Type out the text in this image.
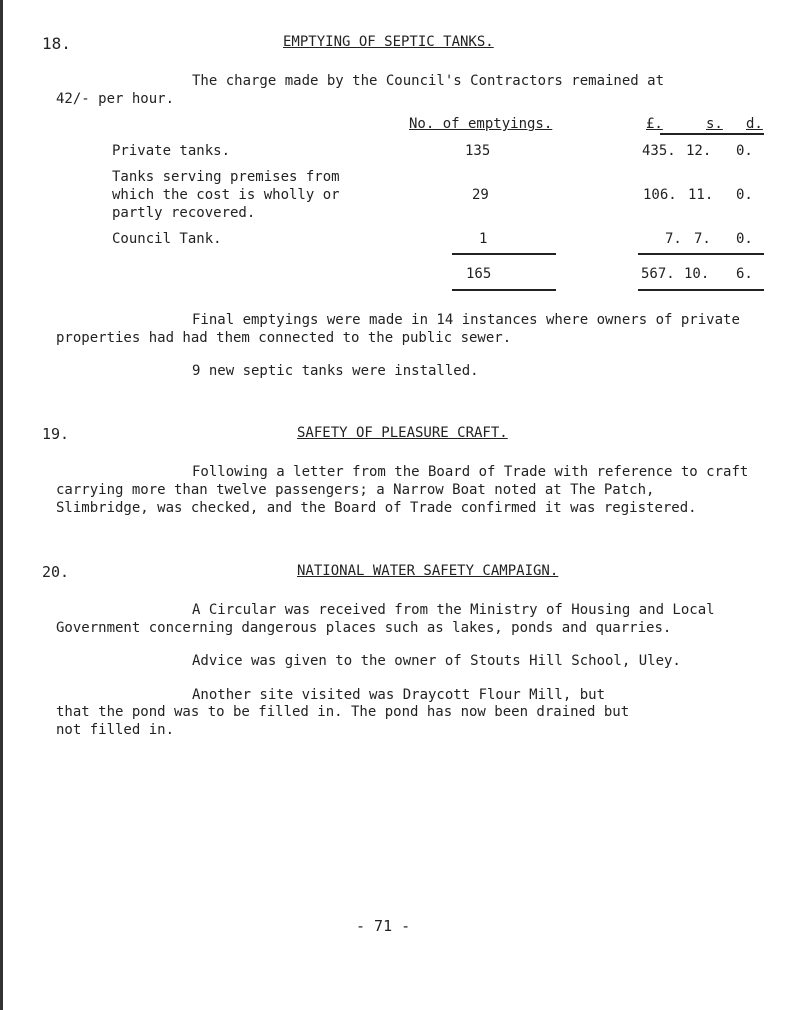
18.	EMPTYING OF SEPTIC TANKS.
The charge made by the Council's Contractors remained at
42/- per hour.
No. of emptyings.	£.	s. d.
Private tanks.	135	435. 12. 0.
Tanks serving premises from
which the cost is wholly or
partly recovered.
29	106. 11. 0.
Council Tank.	1	7. 7. 0.
165	567. 10. 6.
Final emptyings were made in 14 instances where owners of private
properties had had them connected to the public sewer.
9 new septic tanks were installed.
19.	SAFETY OF PLEASURE CRAFT.
Following a letter from the Board of Trade with reference to craft
carrying more than twelve passengers; a Narrow Boat noted at The Patch,
Slimbridge, was checked, and the Board of Trade confirmed it was registered.
20.	NATIONAL WATER SAFETY CAMPAIGN.
A Circular was received from the Ministry of Housing and Local
Government concerning dangerous places such as lakes, ponds and quarries.
Advice was given to the owner of Stouts Hill School, Uley.
Another site visited was Draycott Flour Mill, but
that the pond was to be filled in. The pond has now been drained but
not filled in.
- 71 -
